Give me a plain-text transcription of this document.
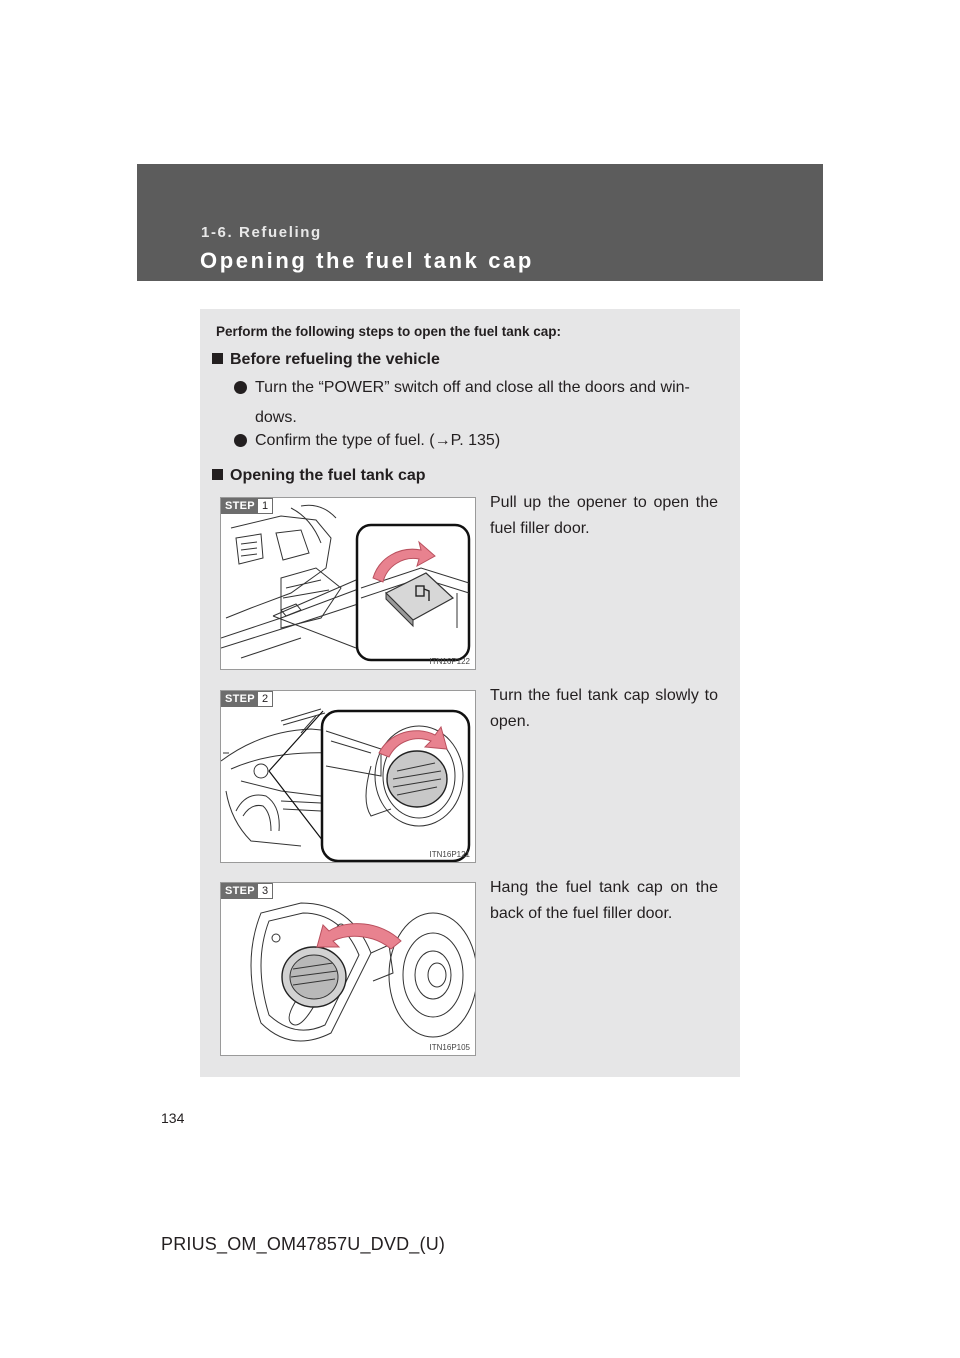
1-6. Refueling
Opening the fuel tank cap
Perform the following steps to open the fuel tank cap:
Before refueling the vehicle
Turn the “POWER” switch off and close all the doors and win- dows.
Confirm the type of fuel. (→P. 135)
Opening the fuel tank cap
STEP 1
ITN16P122
Pull up the opener to open the fuel filler door.
STEP 2
ITN16P121
Turn the fuel tank cap slowly to open.
STEP 3
ITN16P105
Hang the fuel tank cap on the back of the fuel filler door.
134
PRIUS_OM_OM47857U_DVD_(U)
